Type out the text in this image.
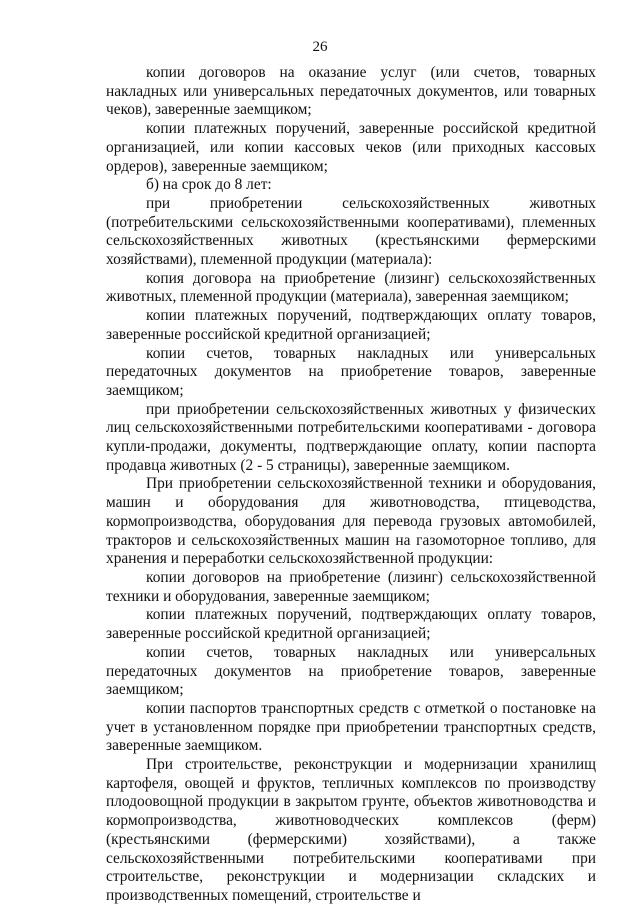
26

копии договоров на оказание услуг (или счетов, товарных накладных или универсальных передаточных документов, или товарных чеков), заверенные заемщиком;

копии платежных поручений, заверенные российской кредитной организацией, или копии кассовых чеков (или приходных кассовых ордеров), заверенные заемщиком;

б) на срок до 8 лет:

при приобретении сельскохозяйственных животных (потребительскими сельскохозяйственными кооперативами), племенных сельскохозяйственных животных (крестьянскими фермерскими хозяйствами), племенной продукции (материала):

копия договора на приобретение (лизинг) сельскохозяйственных животных, племенной продукции (материала), заверенная заемщиком;

копии платежных поручений, подтверждающих оплату товаров, заверенные российской кредитной организацией;

копии счетов, товарных накладных или универсальных передаточных документов на приобретение товаров, заверенные заемщиком;

при приобретении сельскохозяйственных животных у физических лиц сельскохозяйственными потребительскими кооперативами - договора купли-продажи, документы, подтверждающие оплату, копии паспорта продавца животных (2 - 5 страницы), заверенные заемщиком.

При приобретении сельскохозяйственной техники и оборудования, машин и оборудования для животноводства, птицеводства, кормопроизводства, оборудования для перевода грузовых автомобилей, тракторов и сельскохозяйственных машин на газомоторное топливо, для хранения и переработки сельскохозяйственной продукции:

копии договоров на приобретение (лизинг) сельскохозяйственной техники и оборудования, заверенные заемщиком;

копии платежных поручений, подтверждающих оплату товаров, заверенные российской кредитной организацией;

копии счетов, товарных накладных или универсальных передаточных документов на приобретение товаров, заверенные заемщиком;

копии паспортов транспортных средств с отметкой о постановке на учет в установленном порядке при приобретении транспортных средств, заверенные заемщиком.

При строительстве, реконструкции и модернизации хранилищ картофеля, овощей и фруктов, тепличных комплексов по производству плодоовощной продукции в закрытом грунте, объектов животноводства и кормопроизводства, животноводческих комплексов (ферм) (крестьянскими (фермерскими) хозяйствами), а также сельскохозяйственными потребительскими кооперативами при строительстве, реконструкции и модернизации складских и производственных помещений, строительстве и
